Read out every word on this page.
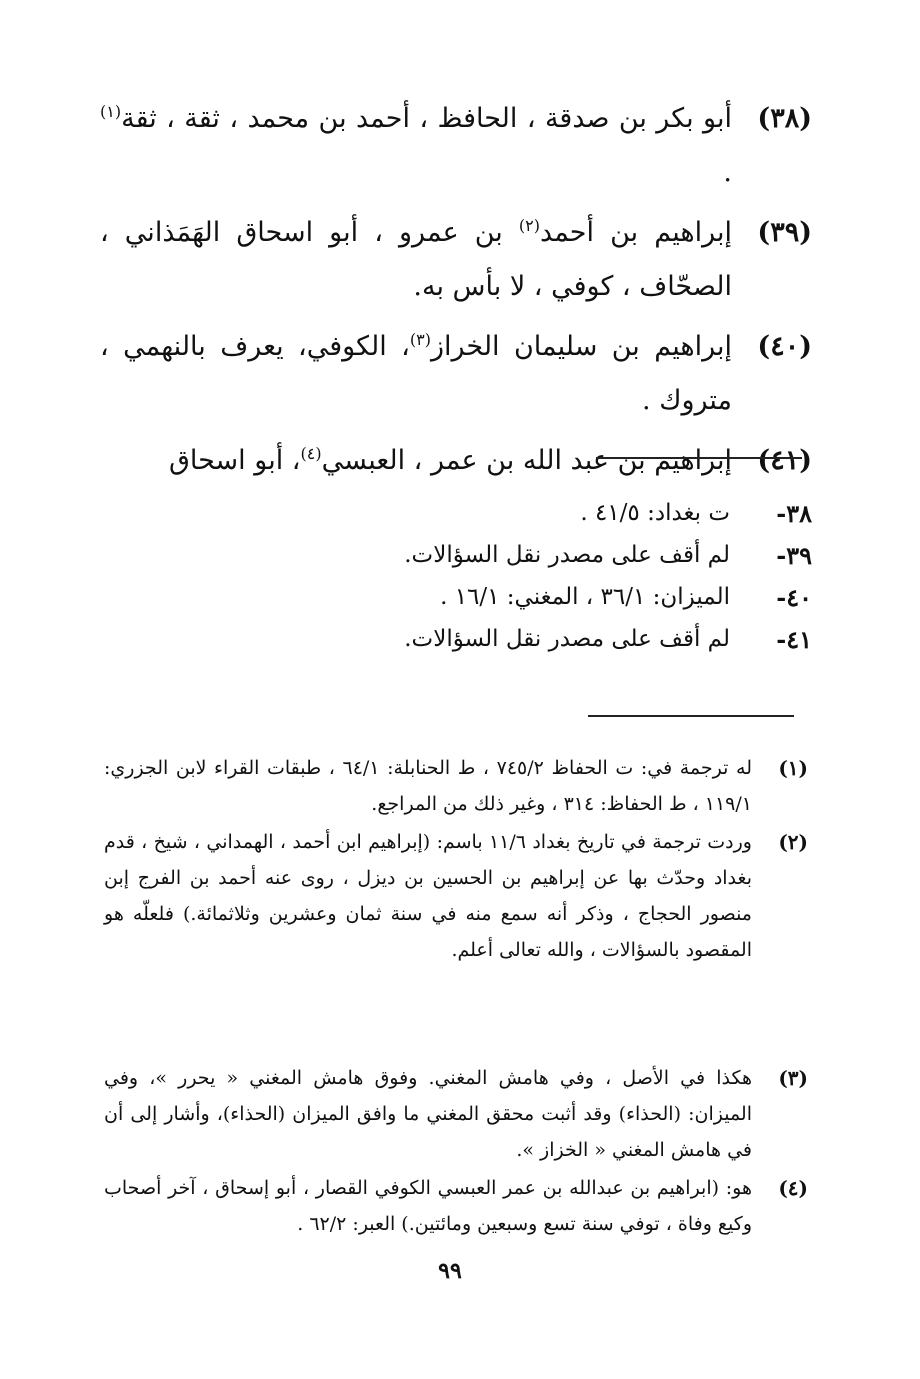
(٣٨)
أبو بكر بن صدقة ، الحافظ ، أحمد بن محمد ، ثقة ، ثقة$^{(١)}$ .
(٣٩)
إبراهيم بن أحمد$^{(٢)}$ بن عمرو ، أبو اسحاق الهَمَذاني ، الصحّاف ، كوفي ، لا بأس به.
(٤٠)
إبراهيم بن سليمان الخراز$^{(٣)}$، الكوفي، يعرف بالنهمي ، متروك .
(٤١)
إبراهيم بن عبد الله بن عمر ، العبسي$^{(٤)}$، أبو اسحاق
٣٨-
ت بغداد: ٤١/٥ .
٣٩-
لم أقف على مصدر نقل السؤالات.
٤٠-
الميزان: ٣٦/١ ، المغني: ١٦/١ .
٤١-
لم أقف على مصدر نقل السؤالات.
(١)
له ترجمة في: ت الحفاظ ٧٤٥/٢ ، ط الحنابلة: ٦٤/١ ، طبقات القراء لابن الجزري: ١١٩/١ ، ط الحفاظ: ٣١٤ ، وغير ذلك من المراجع.
(٢)
وردت ترجمة في تاريخ بغداد ١١/٦ باسم: (إبراهيم ابن أحمد ، الهمداني ، شيخ ، قدم بغداد وحدّث بها عن إبراهيم بن الحسين بن ديزل ، روى عنه أحمد بن الفرج إبن منصور الحجاج ، وذكر أنه سمع منه في سنة ثمان وعشرين وثلاثمائة.) فلعلّه هو المقصود بالسؤالات ، والله تعالى أعلم.
(٣)
هكذا في الأصل ، وفي هامش المغني. وفوق هامش المغني « يحرر »، وفي الميزان: (الحذاء) وقد أثبت محقق المغني ما وافق الميزان (الحذاء)، وأشار إلى أن في هامش المغني « الخزاز ».
(٤)
هو: (ابراهيم بن عبدالله بن عمر العبسي الكوفي القصار ، أبو إسحاق ، آخر أصحاب وكيع وفاة ، توفي سنة تسع وسبعين ومائتين.) العبر: ٦٢/٢ .
٩٩
